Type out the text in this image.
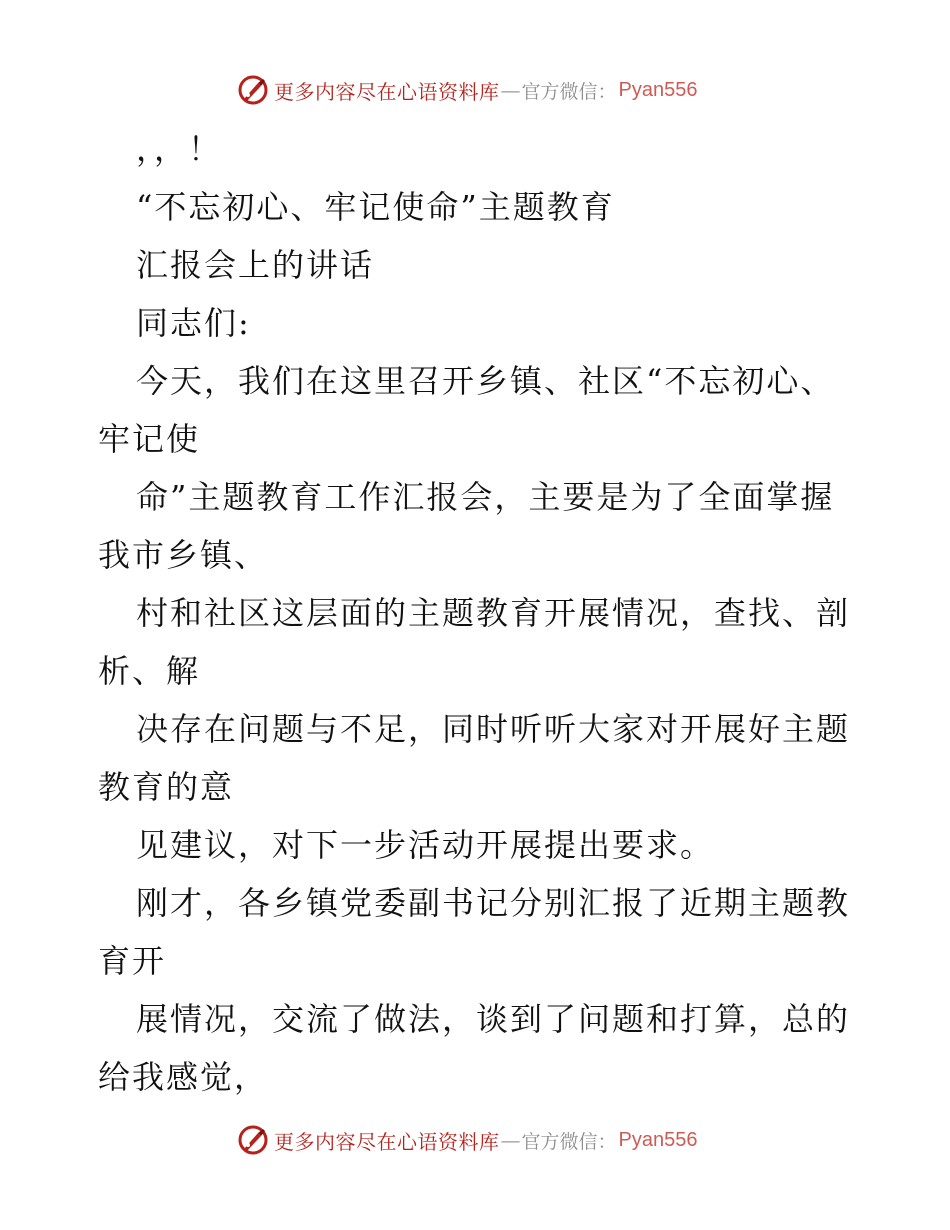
更多内容尽在心语资料库 — 官方微信： Pyan556
，，！
“不忘初心、牢记使命”主题教育
汇报会上的讲话
同志们:
今天，我们在这里召开乡镇、社区“不忘初心、
牢记使
命”主题教育工作汇报会，主要是为了全面掌握
我市乡镇、
村和社区这层面的主题教育开展情况，查找、剖
析、解
决存在问题与不足，同时听听大家对开展好主题
教育的意
见建议，对下一步活动开展提出要求。
刚才，各乡镇党委副书记分别汇报了近期主题教
育开
展情况，交流了做法，谈到了问题和打算，总的
给我感觉，
更多内容尽在心语资料库 — 官方微信： Pyan556
